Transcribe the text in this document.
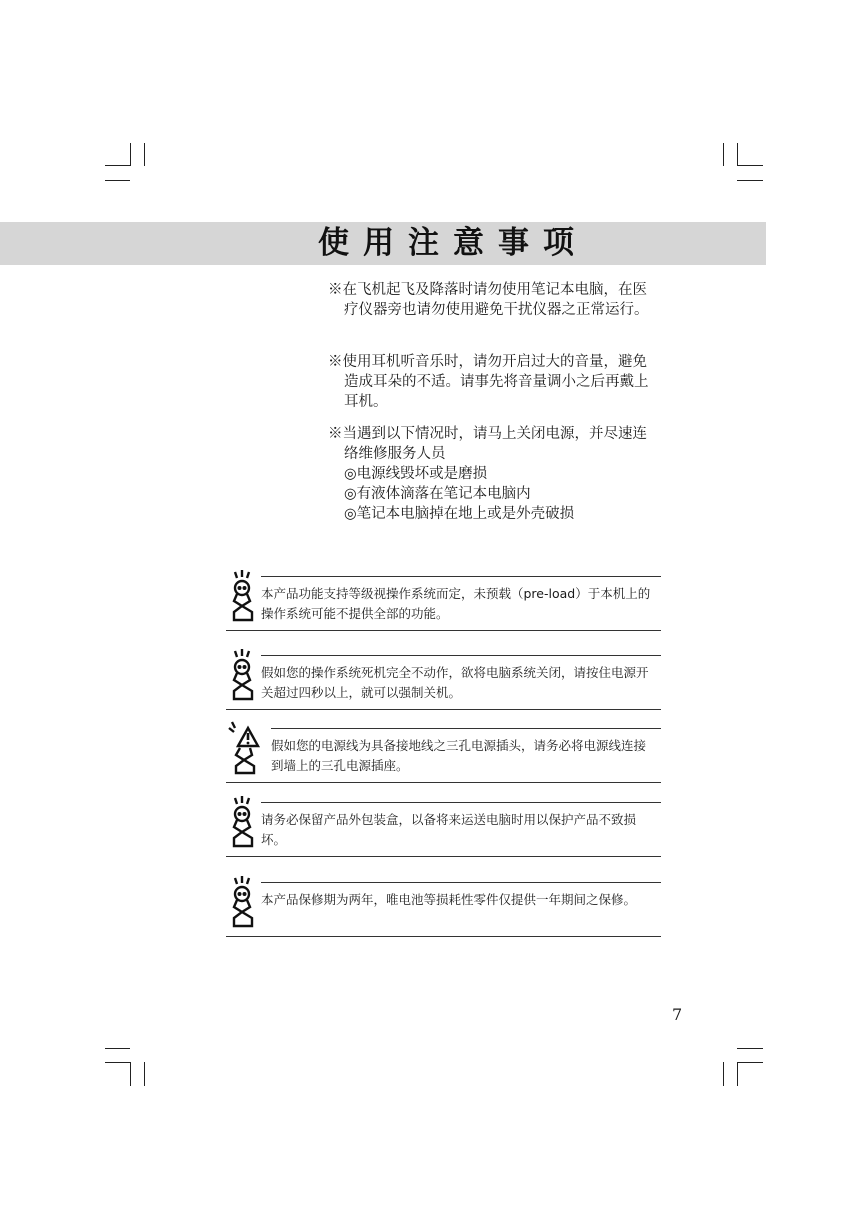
使用注意事项
※在飞机起飞及降落时请勿使用笔记本电脑，在医
疗仪器旁也请勿使用避免干扰仪器之正常运行。
※使用耳机听音乐时，请勿开启过大的音量，避免
造成耳朵的不适。请事先将音量调小之后再戴上
耳机。
※当遇到以下情况时，请马上关闭电源，并尽速连
络维修服务人员
◎电源线毁坏或是磨损
◎有液体滴落在笔记本电脑内
◎笔记本电脑掉在地上或是外壳破损
本产品功能支持等级视操作系统而定，未预载（pre-load）于本机上的
操作系统可能不提供全部的功能。
假如您的操作系统死机完全不动作，欲将电脑系统关闭，请按住电源开
关超过四秒以上，就可以强制关机。
假如您的电源线为具备接地线之三孔电源插头，请务必将电源线连接
到墙上的三孔电源插座。
请务必保留产品外包装盒，以备将来运送电脑时用以保护产品不致损
坏。
本产品保修期为两年，唯电池等损耗性零件仅提供一年期间之保修。
7
